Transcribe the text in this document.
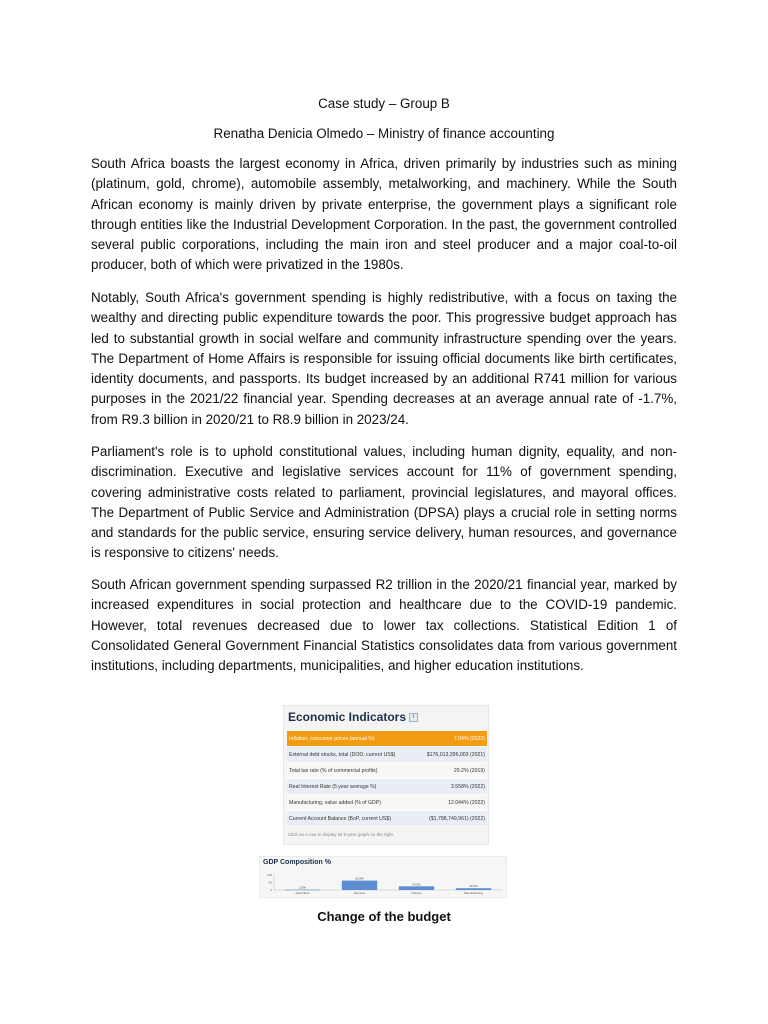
Case study – Group B
Renatha Denicia Olmedo – Ministry of finance accounting

South Africa boasts the largest economy in Africa, driven primarily by industries such as mining (platinum, gold, chrome), automobile assembly, metalworking, and machinery. While the South African economy is mainly driven by private enterprise, the government plays a significant role through entities like the Industrial Development Corporation. In the past, the government controlled several public corporations, including the main iron and steel producer and a major coal-to-oil producer, both of which were privatized in the 1980s.

Notably, South Africa's government spending is highly redistributive, with a focus on taxing the wealthy and directing public expenditure towards the poor. This progressive budget approach has led to substantial growth in social welfare and community infrastructure spending over the years. The Department of Home Affairs is responsible for issuing official documents like birth certificates, identity documents, and passports. Its budget increased by an additional R741 million for various purposes in the 2021/22 financial year. Spending decreases at an average annual rate of -1.7%, from R9.3 billion in 2020/21 to R8.9 billion in 2023/24.

Parliament's role is to uphold constitutional values, including human dignity, equality, and non-discrimination. Executive and legislative services account for 11% of government spending, covering administrative costs related to parliament, provincial legislatures, and mayoral offices. The Department of Public Service and Administration (DPSA) plays a crucial role in setting norms and standards for the public service, ensuring service delivery, human resources, and governance is responsive to citizens' needs.

South African government spending surpassed R2 trillion in the 2020/21 financial year, marked by increased expenditures in social protection and healthcare due to the COVID-19 pandemic. However, total revenues decreased due to lower tax collections. Statistical Edition 1 of Consolidated General Government Financial Statistics consolidates data from various government institutions, including departments, municipalities, and higher education institutions.

Economic Indicators i
Inflation, consumer prices (annual %)	7.04% (2022)
External debt stocks, total (DOD, current US$)	$176,013,396,003 (2021)
Total tax rate (% of commercial profits)	29.2% (2019)
Real Interest Rate (5 year average %)	3.558% (2022)
Manufacturing, value added (% of GDP)	12.044% (2022)
Current Account Balance (BoP, current US$)	($1,788,749,961) (2022)
Click on a row to display its 5-year graph on the right.
GDP Composition %
100
50
0
2.5%
Agriculture
62.8%
Services
24.5%
Industry
12.0%
Manufacturing
Change of the budget
